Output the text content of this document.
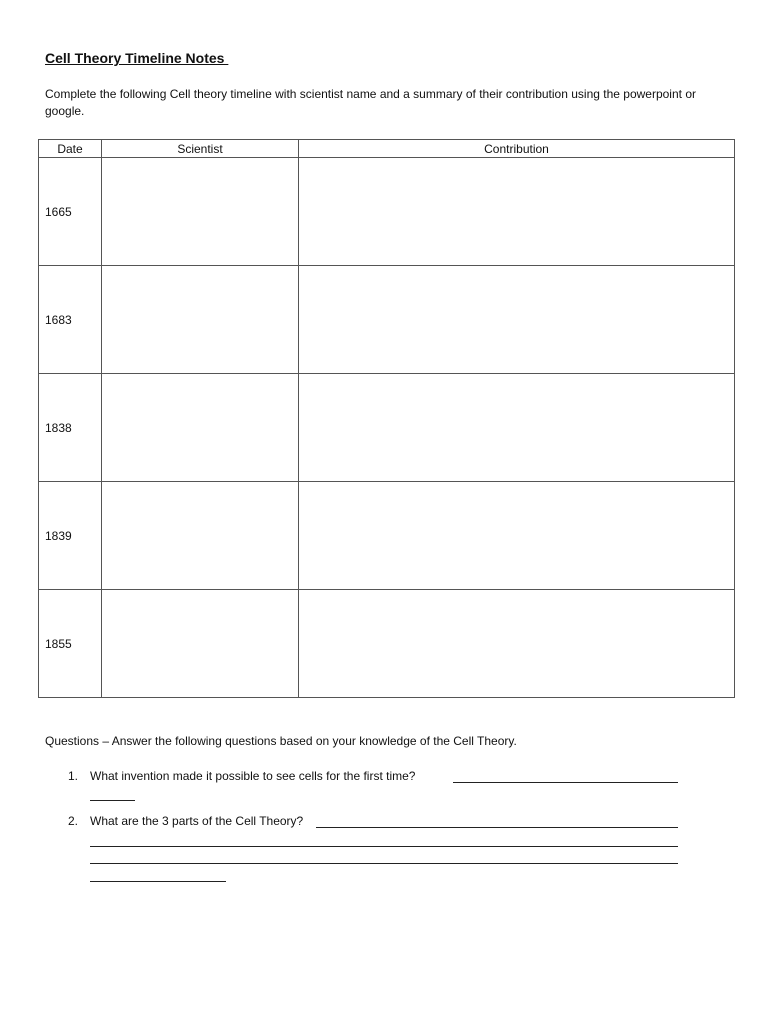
Cell Theory Timeline Notes
Complete the following Cell theory timeline with scientist name and a summary of their contribution using the powerpoint or google.
Date	Scientist	Contribution
1665		
1683		
1838		
1839		
1855		
Questions – Answer the following questions based on your knowledge of the Cell Theory.
1. What invention made it possible to see cells for the first time?
2. What are the 3 parts of the Cell Theory?
